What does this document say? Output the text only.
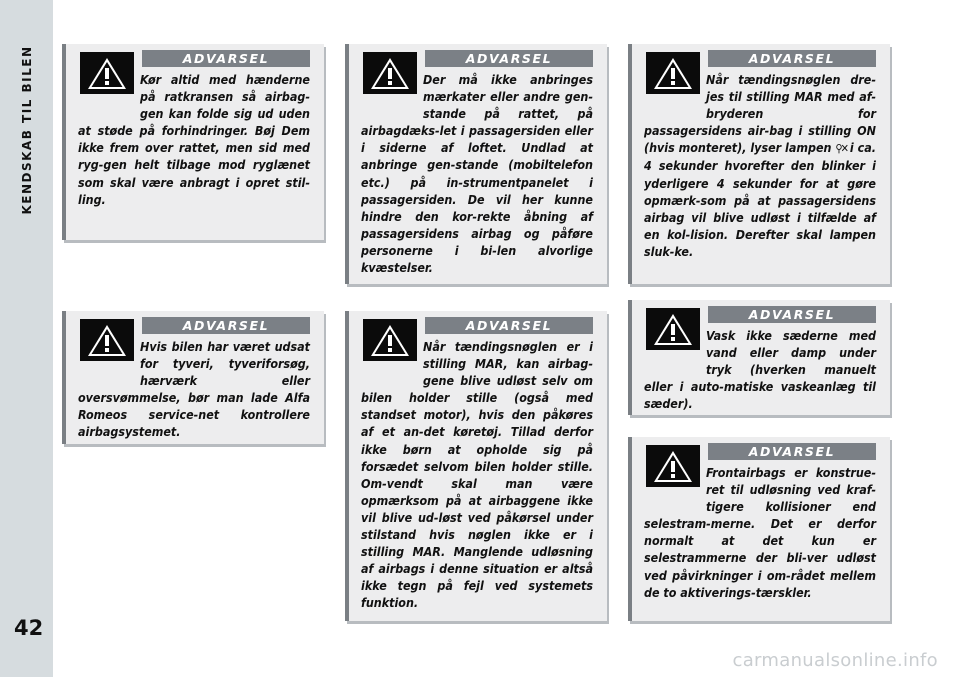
KENDSKAB TIL BILEN
42
ADVARSEL

Kør altid med hænderne på ratkransen så airbag-gen kan folde sig ud uden at støde på forhindringer. Bøj Dem ikke frem over rattet, men sid med ryg-gen helt tilbage mod ryglænet som skal være anbragt i opret stil-ling.

ADVARSEL

Hvis bilen har været udsat for tyveri, tyveriforsøg, hærværk eller oversvømmelse, bør man lade Alfa Romeos service-net kontrollere airbagsystemet.

ADVARSEL

Der må ikke anbringes mærkater eller andre gen-stande på rattet, på airbagdæks-let i passagersiden eller i siderne af loftet. Undlad at anbringe gen-stande (mobiltelefon etc.) på in-strumentpanelet i passagersiden. De vil her kunne hindre den kor-rekte åbning af passagersidens airbag og påføre personerne i bi-len alvorlige kvæstelser.

ADVARSEL

Når tændingsnøglen er i stilling MAR, kan airbag-gene blive udløst selv om bilen holder stille (også med standset motor), hvis den påkøres af et an-det køretøj. Tillad derfor ikke børn at opholde sig på forsædet selvom bilen holder stille. Om-vendt skal man være opmærksom på at airbaggene ikke vil blive ud-løst ved påkørsel under stilstand hvis nøglen ikke er i stilling MAR. Manglende udløsning af airbags i denne situation er altså ikke tegn på fejl ved systemets funktion.

ADVARSEL

Når tændingsnøglen dre-jes til stilling MAR med af-bryderen for passagersidens air-bag i stilling ON (hvis monteret), lyser lampen ⚲✕ i ca. 4 sekunder hvorefter den blinker i yderligere 4 sekunder for at gøre opmærk-som på at passagersidens airbag vil blive udløst i tilfælde af en kol-lision. Derefter skal lampen sluk-ke.

ADVARSEL

Vask ikke sæderne med vand eller damp under tryk (hverken manuelt eller i auto-matiske vaskeanlæg til sæder).

ADVARSEL

Frontairbags er konstrue-ret til udløsning ved kraf-tigere kollisioner end selestram-merne. Det er derfor normalt at det kun er selestrammerne der bli-ver udløst ved påvirkninger i om-rådet mellem de to aktiverings-tærskler.

carmanualsonline.info
